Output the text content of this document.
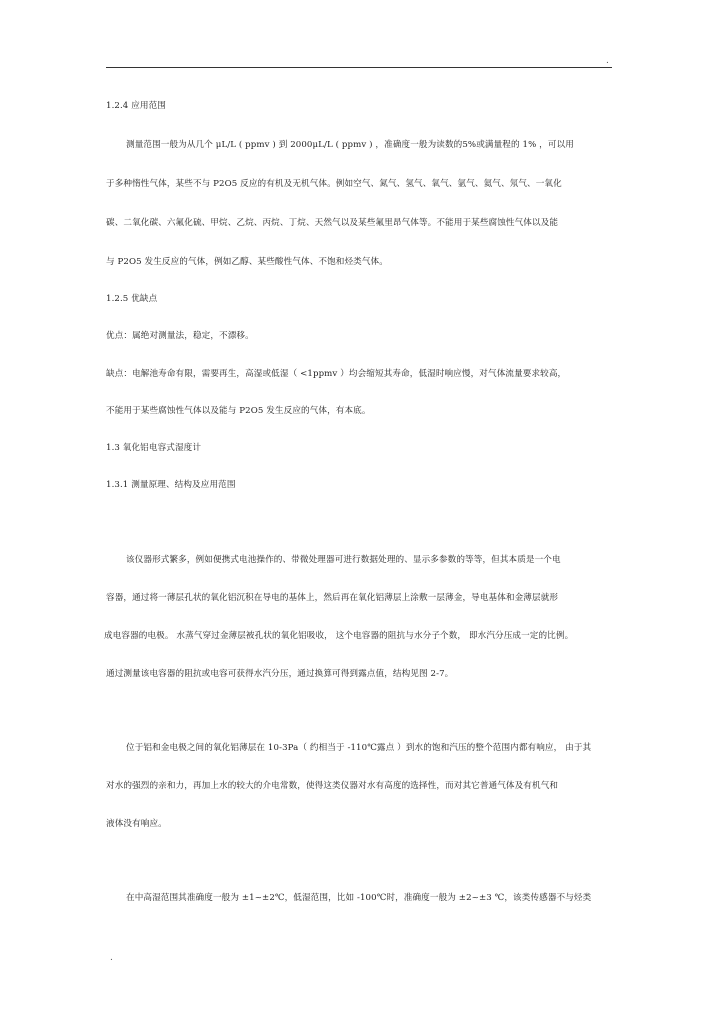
.
1.2.4 应用范围
测量范围一般为从几个 μL/L ( ppmv ) 到 2000μL/L ( ppmv ) ，准确度一般为读数的5%或满量程的 1% ，可以用
于多种惰性气体，某些不与 P2O5 反应的有机及无机气体。例如空气、氮气、氢气、氧气、氩气、氦气、氖气、一氧化
碳、二氧化碳、六氟化硫、甲烷、乙烷、丙烷、丁烷、天然气以及某些氟里昂气体等。不能用于某些腐蚀性气体以及能
与 P2O5 发生反应的气体，例如乙醇、某些酸性气体、不饱和烃类气体。
1.2.5 优缺点
优点：属绝对测量法，稳定，不漂移。
缺点：电解池寿命有限，需要再生，高湿或低湿（ <1ppmv ）均会缩短其寿命，低湿时响应慢，对气体流量要求较高，
不能用于某些腐蚀性气体以及能与 P2O5 发生反应的气体，有本底。
1.3 氧化铝电容式湿度计
1.3.1 测量原理、结构及应用范围
该仪器形式繁多，例如便携式电池操作的、带微处理器可进行数据处理的、显示多参数的等等，但其本质是一个电
容器，通过将一薄层孔状的氧化铝沉积在导电的基体上，然后再在氧化铝薄层上涂敷一层薄金，导电基体和金薄层就形
成电容器的电极。 水蒸气穿过金薄层被孔状的氧化铝吸收， 这个电容器的阻抗与水分子个数， 即水汽分压成一定的比例。
通过测量该电容器的阻抗或电容可获得水汽分压，通过换算可得到露点值，结构见图 2-7。
位于铝和金电极之间的氧化铝薄层在 10-3Pa（ 约相当于 -110℃露点 ）到水的饱和汽压的整个范围内都有响应， 由于其
对水的强烈的亲和力，再加上水的较大的介电常数，使得这类仪器对水有高度的选择性，而对其它普通气体及有机气和
液体没有响应。
在中高湿范围其准确度一般为 ±1~±2℃，低湿范围，比如 -100℃时，准确度一般为 ±2~±3 ℃，该类传感器不与烃类
.
